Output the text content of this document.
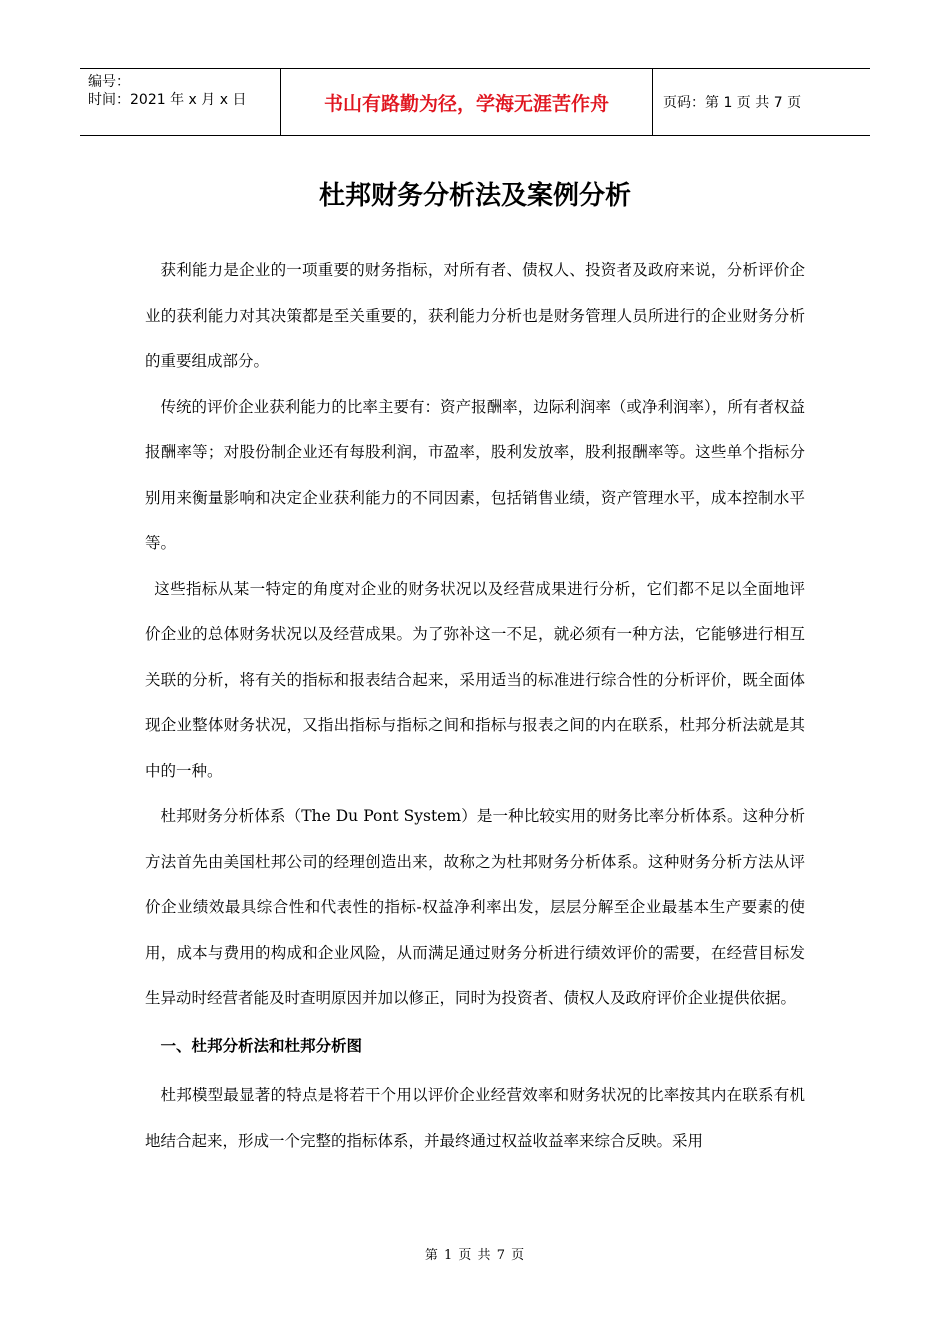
编号：
时间：2021 年 x 月 x 日	书山有路勤为径，学海无涯苦作舟	页码：第 1 页 共 7 页
杜邦财务分析法及案例分析

获利能力是企业的一项重要的财务指标，对所有者、债权人、投资者及政府来说，分析评价企业的获利能力对其决策都是至关重要的，获利能力分析也是财务管理人员所进行的企业财务分析的重要组成部分。

传统的评价企业获利能力的比率主要有：资产报酬率，边际利润率（或净利润率），所有者权益报酬率等；对股份制企业还有每股利润，市盈率，股利发放率，股利报酬率等。这些单个指标分别用来衡量影响和决定企业获利能力的不同因素，包括销售业绩，资产管理水平，成本控制水平等。

这些指标从某一特定的角度对企业的财务状况以及经营成果进行分析，它们都不足以全面地评价企业的总体财务状况以及经营成果。为了弥补这一不足，就必须有一种方法，它能够进行相互关联的分析，将有关的指标和报表结合起来，采用适当的标准进行综合性的分析评价，既全面体现企业整体财务状况，又指出指标与指标之间和指标与报表之间的内在联系，杜邦分析法就是其中的一种。

杜邦财务分析体系（The Du Pont System）是一种比较实用的财务比率分析体系。这种分析方法首先由美国杜邦公司的经理创造出来，故称之为杜邦财务分析体系。这种财务分析方法从评价企业绩效最具综合性和代表性的指标-权益净利率出发，层层分解至企业最基本生产要素的使用，成本与费用的构成和企业风险，从而满足通过财务分析进行绩效评价的需要，在经营目标发生异动时经营者能及时查明原因并加以修正，同时为投资者、债权人及政府评价企业提供依据。

一、杜邦分析法和杜邦分析图

杜邦模型最显著的特点是将若干个用以评价企业经营效率和财务状况的比率按其内在联系有机地结合起来，形成一个完整的指标体系，并最终通过权益收益率来综合反映。采用

第 1 页 共 7 页
